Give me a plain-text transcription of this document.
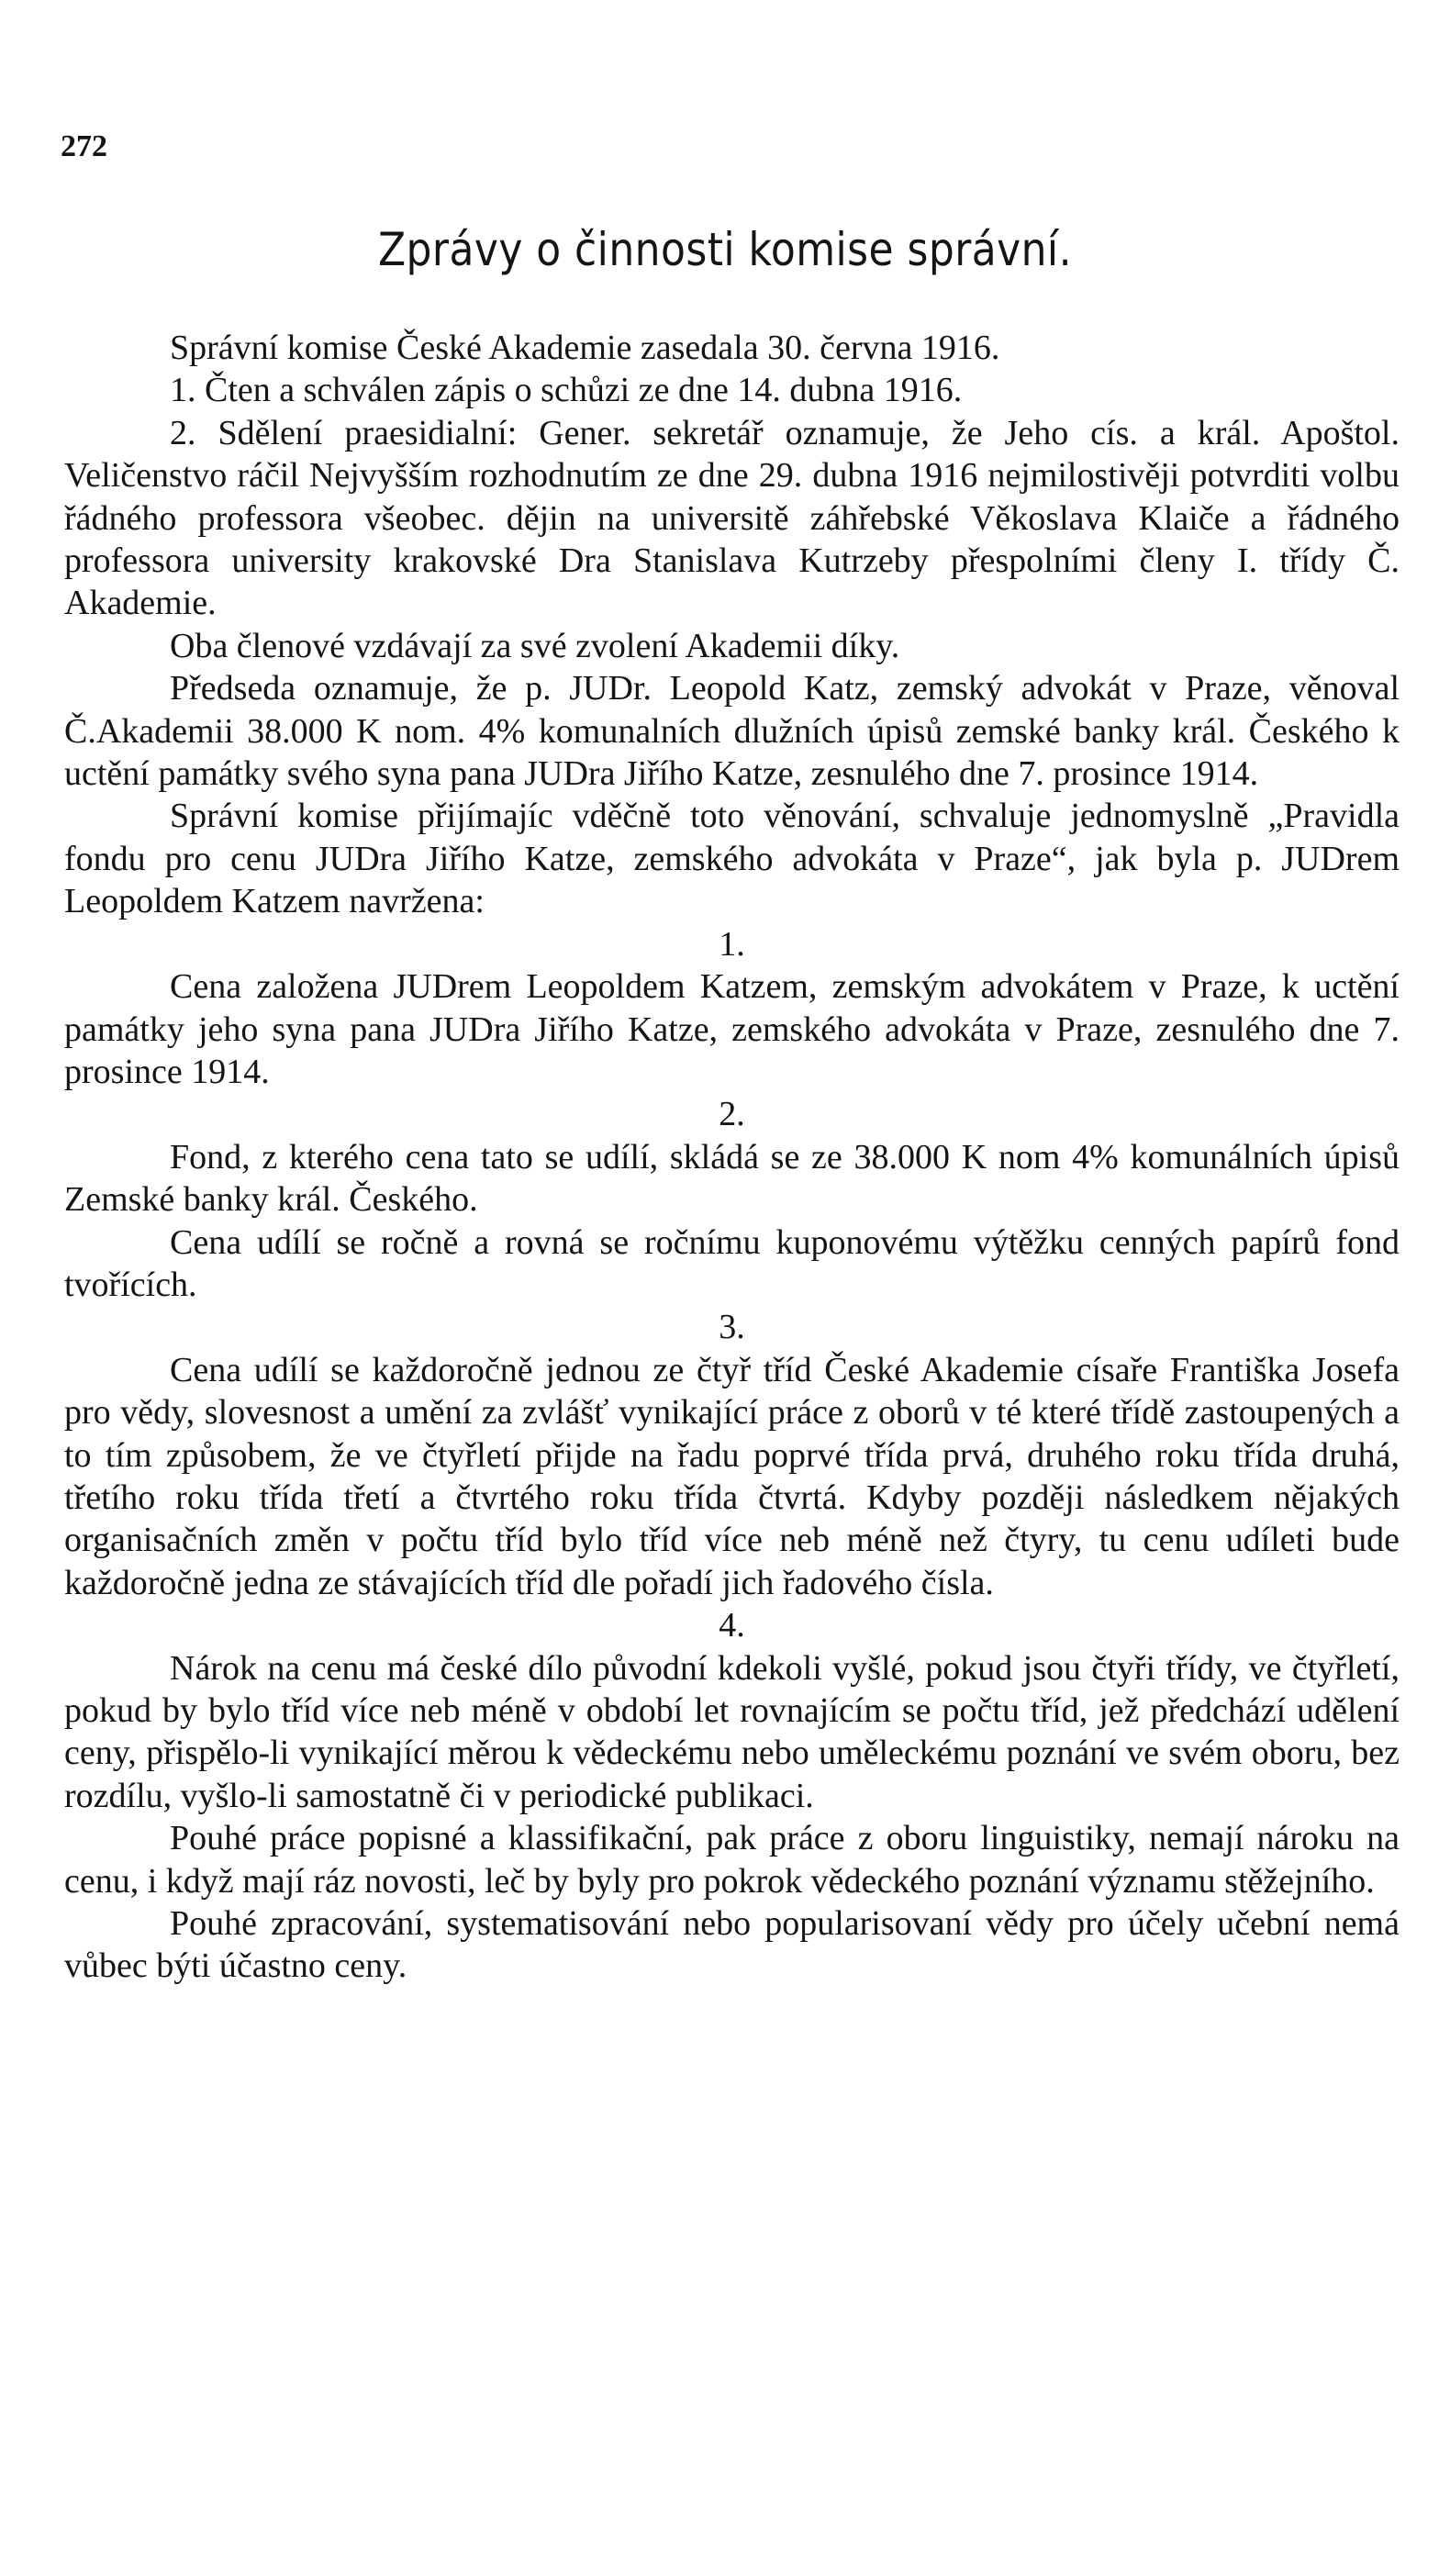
272
Zprávy o činnosti komise správní.

Správní komise České Akademie zasedala 30. června 1916.

1. Čten a schválen zápis o schůzi ze dne 14. dubna 1916.

2. Sdělení praesidialní: Gener. sekretář oznamuje, že Jeho cís. a král. Apoštol. Veličenstvo ráčil Nejvyšším rozhodnutím ze dne 29. dubna 1916 nejmilostivěji potvrditi volbu řádného professora všeobec. dějin na universitě záhřebské Věkoslava Klaiče a řádného professora university krakovské Dra Stanislava Kutrzeby přespolními členy I. třídy Č. Akademie.

Oba členové vzdávají za své zvolení Akademii díky.

Předseda oznamuje, že p. JUDr. Leopold Katz, zemský advokát v Praze, věnoval Č.Akademii 38.000 K nom. 4% komunalních dlužních úpisů zemské banky král. Českého k uctění památky svého syna pana JUDra Jiřího Katze, zesnulého dne 7. prosince 1914.

Správní komise přijímajíc vděčně toto věnování, schvaluje jednomyslně „Pravidla fondu pro cenu JUDra Jiřího Katze, zemského advokáta v Praze“, jak byla p. JUDrem Leopoldem Katzem navržena:

1.

Cena založena JUDrem Leopoldem Katzem, zemským advokátem v Praze, k uctění památky jeho syna pana JUDra Jiřího Katze, zemského advokáta v Praze, zesnulého dne 7. prosince 1914.

2.

Fond, z kterého cena tato se udílí, skládá se ze 38.000 K nom 4% komunálních úpisů Zemské banky král. Českého.

Cena udílí se ročně a rovná se ročnímu kuponovému výtěžku cenných papírů fond tvořících.

3.

Cena udílí se každoročně jednou ze čtyř tříd České Akademie císaře Františka Josefa pro vědy, slovesnost a umění za zvlášť vynikající práce z oborů v té které třídě zastoupených a to tím způsobem, že ve čtyřletí přijde na řadu poprvé třída prvá, druhého roku třída druhá, třetího roku třída třetí a čtvrtého roku třída čtvrtá. Kdyby později následkem nějakých organisačních změn v počtu tříd bylo tříd více neb méně než čtyry, tu cenu udíleti bude každoročně jedna ze stávajících tříd dle pořadí jich řadového čísla.

4.

Nárok na cenu má české dílo původní kdekoli vyšlé, pokud jsou čtyři třídy, ve čtyřletí, pokud by bylo tříd více neb méně v období let rovnajícím se počtu tříd, jež předchází udělení ceny, přispělo-li vynikající měrou k vědeckému nebo uměleckému poznání ve svém oboru, bez rozdílu, vyšlo-li samostatně či v periodické publikaci.

Pouhé práce popisné a klassifikační, pak práce z oboru linguistiky, nemají nároku na cenu, i když mají ráz novosti, leč by byly pro pokrok vědeckého poznání významu stěžejního.

Pouhé zpracování, systematisování nebo popularisovaní vědy pro účely učební nemá vůbec býti účastno ceny.
